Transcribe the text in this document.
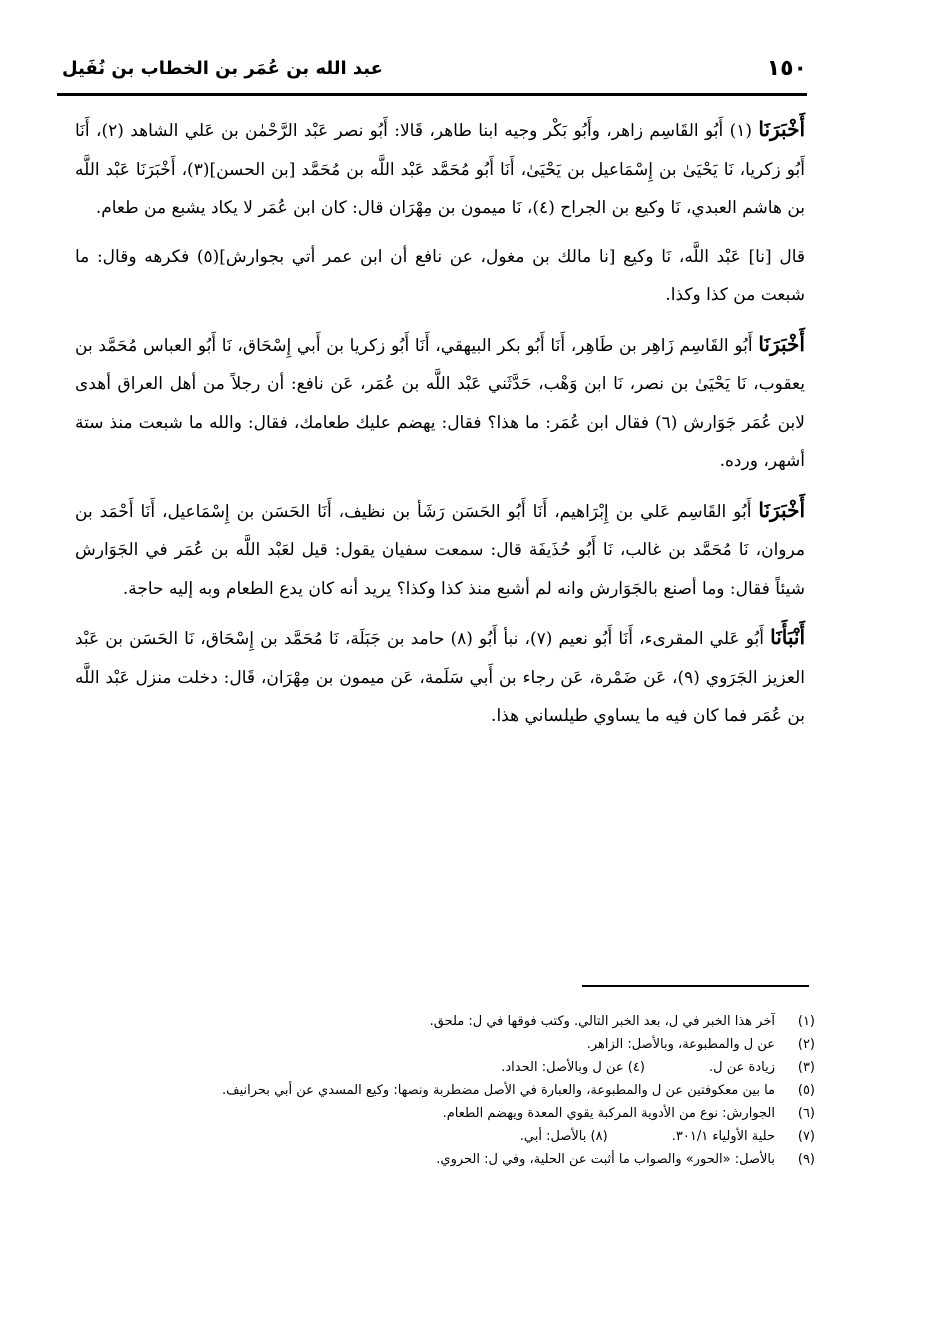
١٥٠
عبد الله بن عُمَر بن الخطاب بن نُفَيل

أَخْبَرَنَا (١) أَبُو القَاسِم زاهر، وأَبُو بَكْر وجيه ابنا طاهر، قَالا: أَبُو نصر عَبْد الرَّحْمٰن بن عَلي الشاهد (٢)، أَنَا أَبُو زكريا، نَا يَحْيَىٰ بن إِسْمَاعيل بن يَحْيَىٰ، أَنَا أَبُو مُحَمَّد عَبْد اللَّه بن مُحَمَّد [بن الحسن](٣)، أَخْبَرَنَا عَبْد اللَّه بن هاشم العبدي، نَا وكيع بن الجراح (٤)، نَا ميمون بن مِهْرَان قال: كان ابن عُمَر لا يكاد يشبع من طعام.

قال [نا] عَبْد اللَّه، نَا وكيع [نا مالك بن مغول، عن نافع أن ابن عمر أتي بجوارش](٥) فكرهه وقال: ما شبعت من كذا وكذا.

أَخْبَرَنَا أَبُو القَاسِم زَاهِر بن طَاهِر، أَنَا أَبُو بكر البيهقي، أَنَا أَبُو زكريا بن أَبي إِسْحَاق، نَا أَبُو العباس مُحَمَّد بن يعقوب، نَا يَحْيَىٰ بن نصر، نَا ابن وَهْب، حَدَّثَني عَبْد اللَّه بن عُمَر، عَن نافع: أن رجلاً من أهل العراق أهدى لابن عُمَر جَوَارش (٦) فقال ابن عُمَر: ما هذا؟ فقال: يهضم عليك طعامك، فقال: والله ما شبعت منذ ستة أشهر، ورده.

أَخْبَرَنَا أَبُو القَاسِم عَلي بن إِبْرَاهيم، أَنَا أَبُو الحَسَن رَشَأ بن نظيف، أَنَا الحَسَن بن إِسْمَاعيل، أَنَا أَحْمَد بن مروان، نَا مُحَمَّد بن غالب، نَا أَبُو حُذَيفَة قال: سمعت سفيان يقول: قيل لعَبْد اللَّه بن عُمَر في الجَوَارش شيئاً فقال: وما أصنع بالجَوَارش وانه لم أشبع منذ كذا وكذا؟ يريد أنه كان يدع الطعام وبه إليه حاجة.

أَنْبَأَنَا أَبُو عَلي المقرىء، أَنَا أَبُو نعيم (٧)، نبأ أَبُو (٨) حامد بن جَبَلَة، نَا مُحَمَّد بن إِسْحَاق، نَا الحَسَن بن عَبْد العزيز الجَرَوي (٩)، عَن ضَمْرة، عَن رجاء بن أَبي سَلَمة، عَن ميمون بن مِهْرَان، قَال: دخلت منزل عَبْد اللَّه بن عُمَر فما كان فيه ما يساوي طيلساني هذا.

(١)
آخر هذا الخبر في ل، بعد الخبر التالي. وكتب فوقها في ل: ملحق.
(٢)
عن ل والمطبوعة، وبالأصل: الزاهر.
(٣)
زيادة عن ل. (٤) عن ل وبالأصل: الحداد.
(٥)
ما بين معكوفتين عن ل والمطبوعة، والعبارة في الأصل مضطربة ونصها: وكيع المسدي عن أبي بحرانيف.
(٦)
الجوارش: نوع من الأدوية المركبة يقوي المعدة ويهضم الطعام.
(٧)
حلية الأولياء ٣٠١/١. (٨) بالأصل: أبي.
(٩)
بالأصل: «الحور» والصواب ما أثبت عن الحلية، وفي ل: الحروي.
